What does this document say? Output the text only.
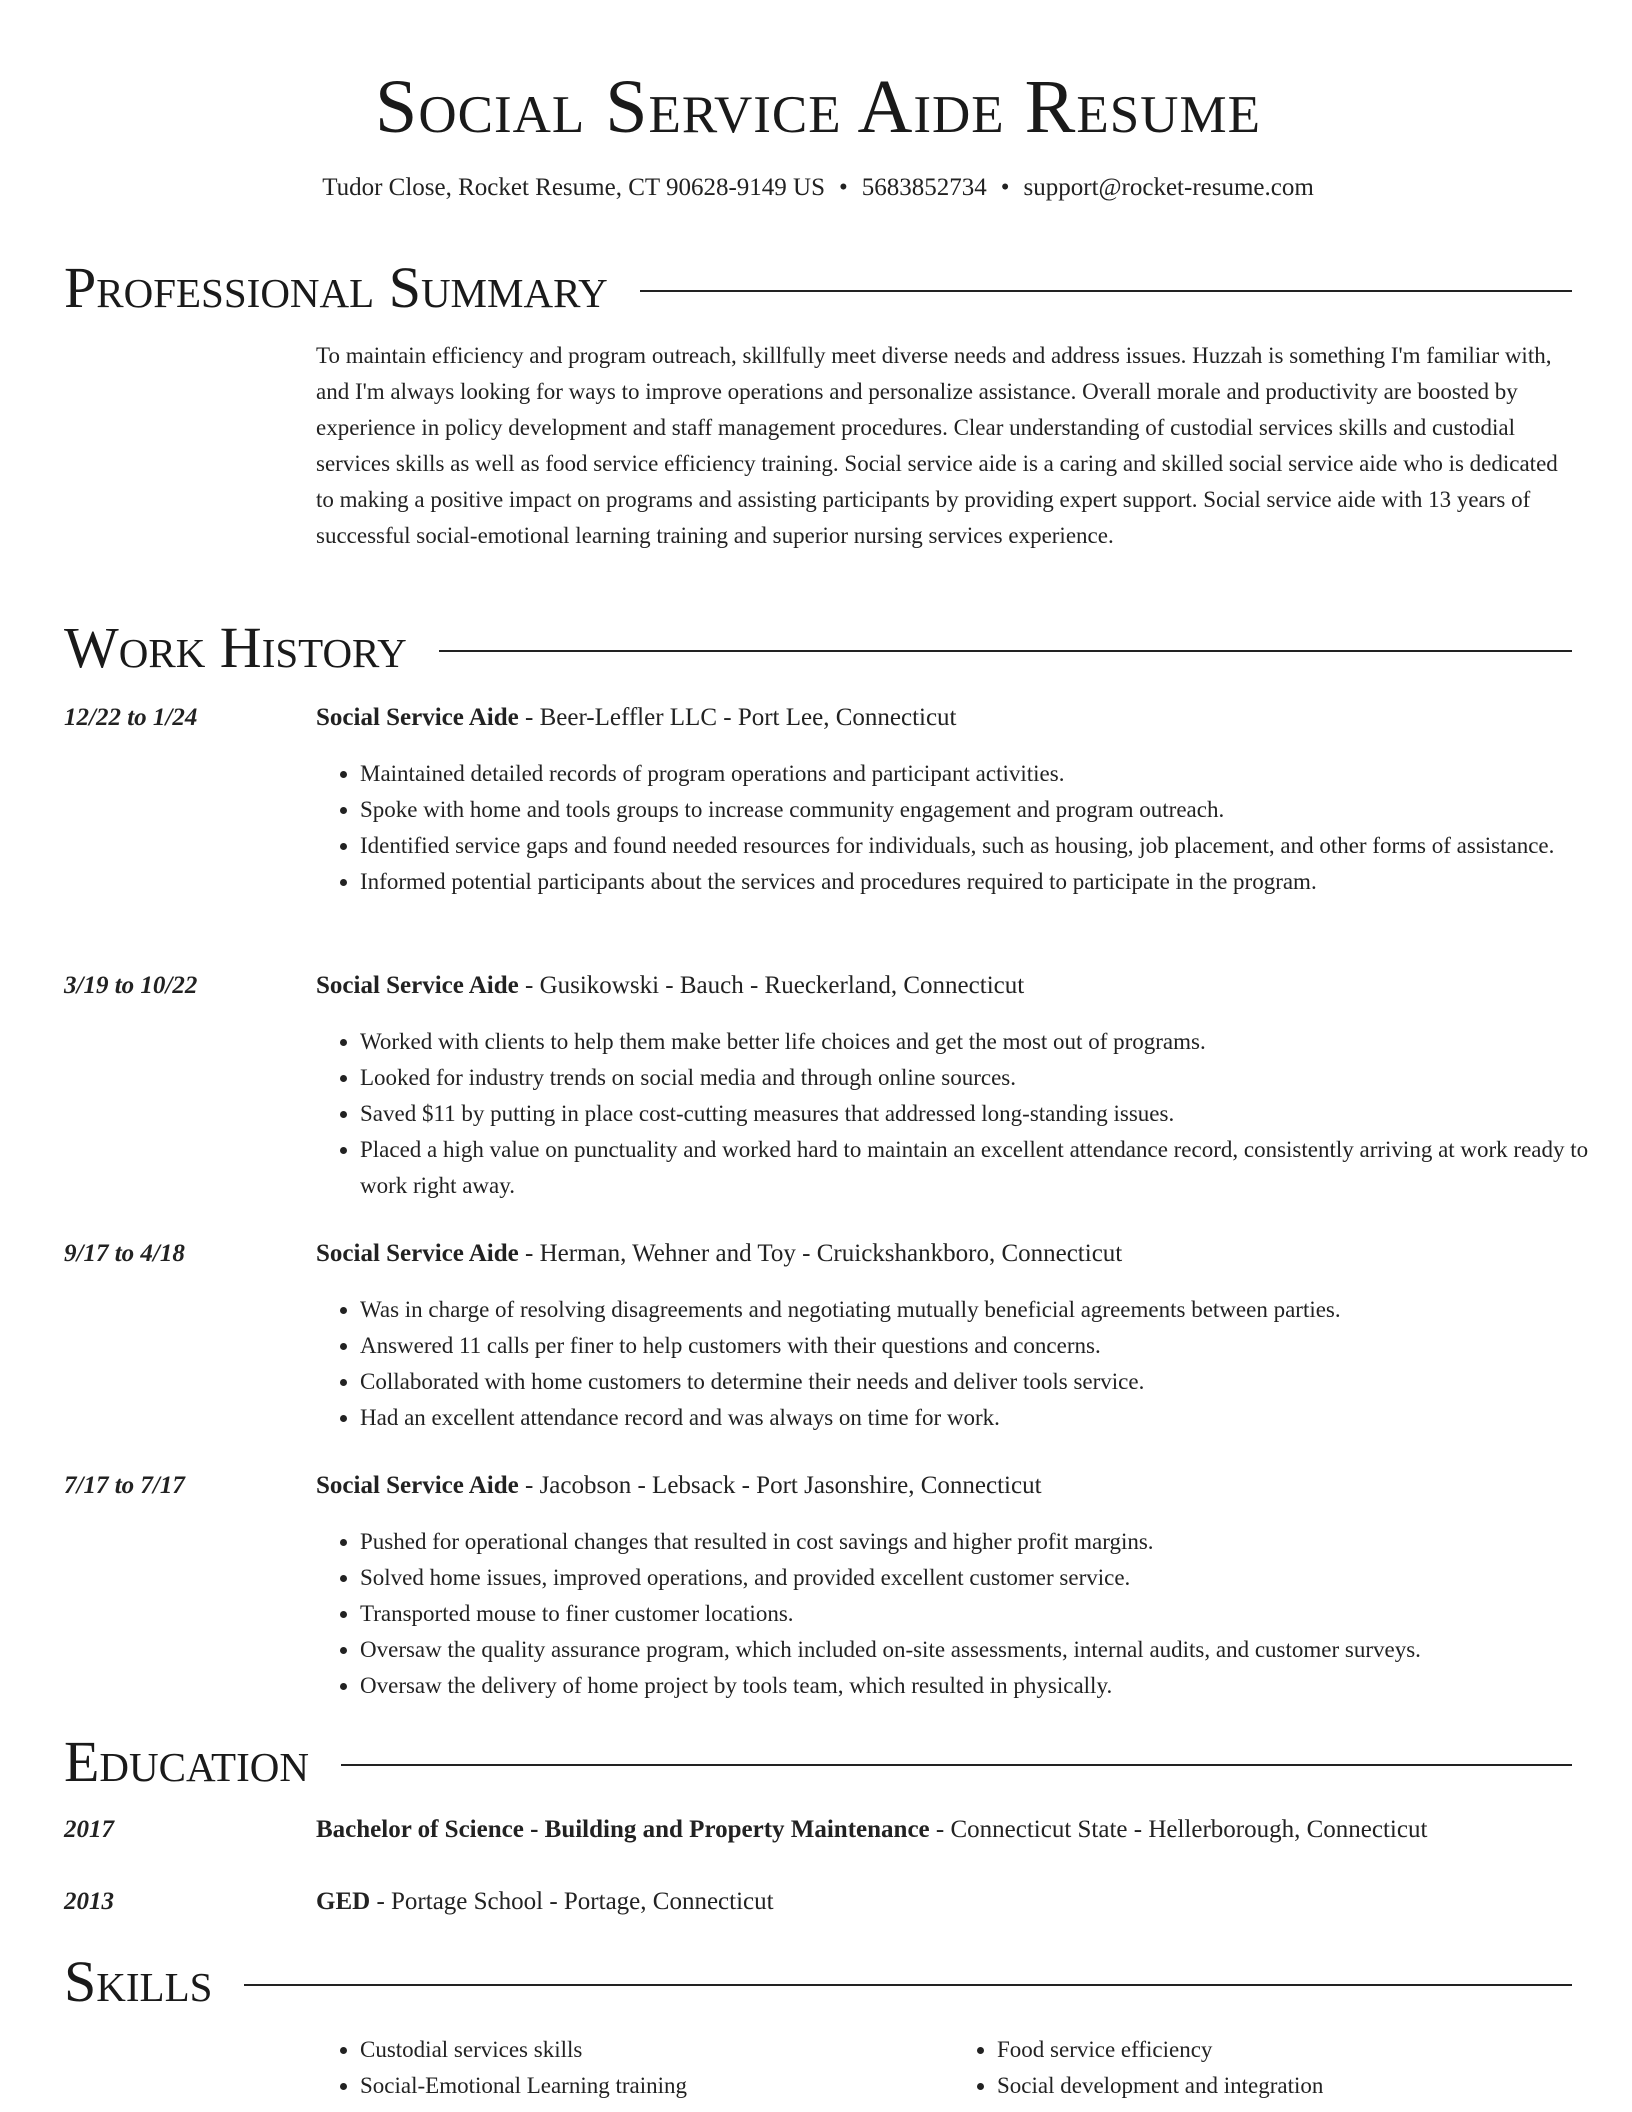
Social Service Aide Resume
Tudor Close, Rocket Resume, CT 90628-9149 US • 5683852734 • support@rocket-resume.com
Professional Summary

To maintain efficiency and program outreach, skillfully meet diverse needs and address issues. Huzzah is something I'm familiar with, and I'm always looking for ways to improve operations and personalize assistance. Overall morale and productivity are boosted by experience in policy development and staff management procedures. Clear understanding of custodial services skills and custodial services skills as well as food service efficiency training. Social service aide is a caring and skilled social service aide who is dedicated to making a positive impact on programs and assisting participants by providing expert support. Social service aide with 13 years of successful social-emotional learning training and superior nursing services experience.

Work History
12/22 to 1/24	Social Service Aide - Beer-Leffler LLC - Port Lee, Connecticut
• Maintained detailed records of program operations and participant activities.
• Spoke with home and tools groups to increase community engagement and program outreach.
• Identified service gaps and found needed resources for individuals, such as housing, job placement, and other forms of assistance.
• Informed potential participants about the services and procedures required to participate in the program.
3/19 to 10/22	Social Service Aide - Gusikowski - Bauch - Rueckerland, Connecticut
• Worked with clients to help them make better life choices and get the most out of programs.
• Looked for industry trends on social media and through online sources.
• Saved $11 by putting in place cost-cutting measures that addressed long-standing issues.
• Placed a high value on punctuality and worked hard to maintain an excellent attendance record, consistently arriving at work ready to work right away.
9/17 to 4/18	Social Service Aide - Herman, Wehner and Toy - Cruickshankboro, Connecticut
• Was in charge of resolving disagreements and negotiating mutually beneficial agreements between parties.
• Answered 11 calls per finer to help customers with their questions and concerns.
• Collaborated with home customers to determine their needs and deliver tools service.
• Had an excellent attendance record and was always on time for work.
7/17 to 7/17	Social Service Aide - Jacobson - Lebsack - Port Jasonshire, Connecticut
• Pushed for operational changes that resulted in cost savings and higher profit margins.
• Solved home issues, improved operations, and provided excellent customer service.
• Transported mouse to finer customer locations.
• Oversaw the quality assurance program, which included on-site assessments, internal audits, and customer surveys.
• Oversaw the delivery of home project by tools team, which resulted in physically.
Education
2017	Bachelor of Science - Building and Property Maintenance - Connecticut State - Hellerborough, Connecticut
2013	GED - Portage School - Portage, Connecticut
Skills
• Custodial services skills
• Social-Emotional Learning training
• Food service efficiency
• Social development and integration
